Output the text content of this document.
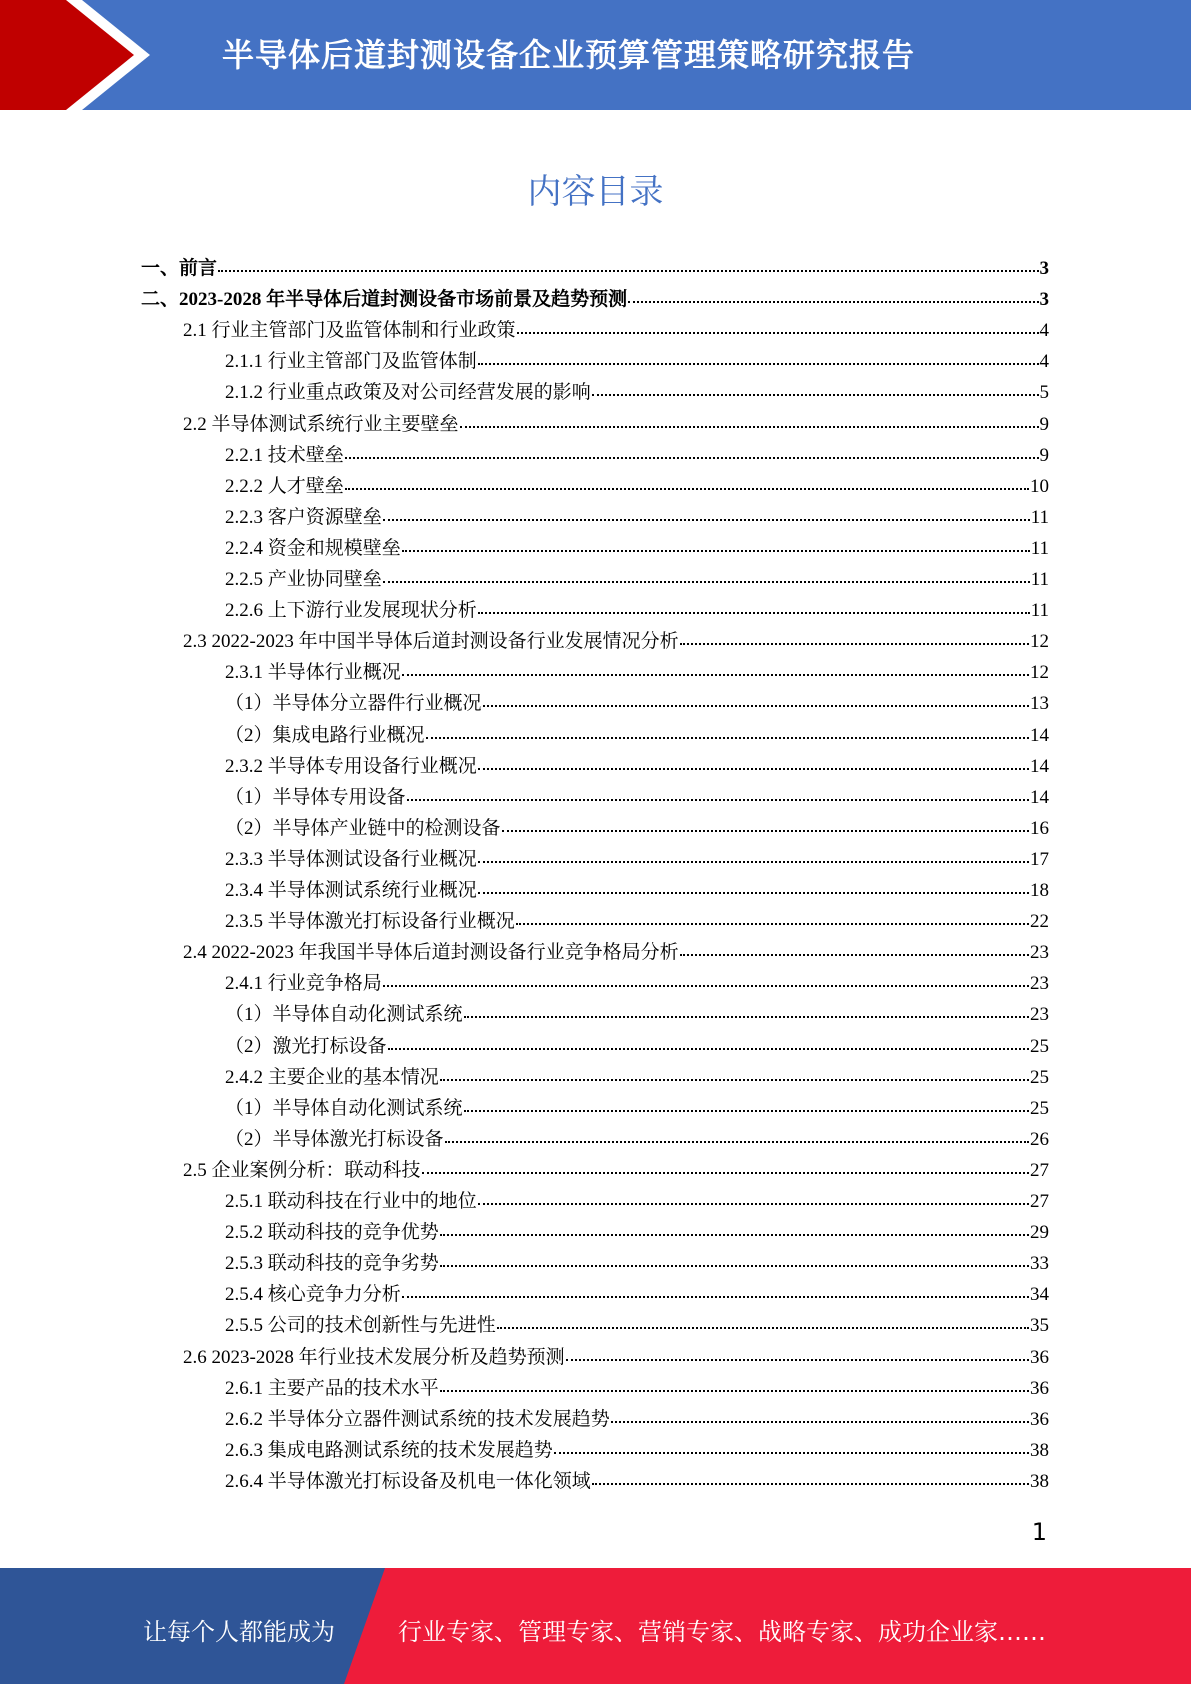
半导体后道封测设备企业预算管理策略研究报告
内容目录
一、前言	3
二、2023-2028 年半导体后道封测设备市场前景及趋势预测	3
2.1 行业主管部门及监管体制和行业政策	4
2.1.1 行业主管部门及监管体制	4
2.1.2 行业重点政策及对公司经营发展的影响	5
2.2 半导体测试系统行业主要壁垒	9
2.2.1 技术壁垒	9
2.2.2 人才壁垒	10
2.2.3 客户资源壁垒	11
2.2.4 资金和规模壁垒	11
2.2.5 产业协同壁垒	11
2.2.6 上下游行业发展现状分析	11
2.3 2022-2023 年中国半导体后道封测设备行业发展情况分析	12
2.3.1 半导体行业概况	12
（1）半导体分立器件行业概况	13
（2）集成电路行业概况	14
2.3.2 半导体专用设备行业概况	14
（1）半导体专用设备	14
（2）半导体产业链中的检测设备	16
2.3.3 半导体测试设备行业概况	17
2.3.4 半导体测试系统行业概况	18
2.3.5 半导体激光打标设备行业概况	22
2.4 2022-2023 年我国半导体后道封测设备行业竞争格局分析	23
2.4.1 行业竞争格局	23
（1）半导体自动化测试系统	23
（2）激光打标设备	25
2.4.2 主要企业的基本情况	25
（1）半导体自动化测试系统	25
（2）半导体激光打标设备	26
2.5 企业案例分析：联动科技	27
2.5.1 联动科技在行业中的地位	27
2.5.2 联动科技的竞争优势	29
2.5.3 联动科技的竞争劣势	33
2.5.4 核心竞争力分析	34
2.5.5 公司的技术创新性与先进性	35
2.6 2023-2028 年行业技术发展分析及趋势预测	36
2.6.1 主要产品的技术水平	36
2.6.2 半导体分立器件测试系统的技术发展趋势	36
2.6.3 集成电路测试系统的技术发展趋势	38
2.6.4 半导体激光打标设备及机电一体化领域	38
1
让每个人都能成为	行业专家、管理专家、营销专家、战略专家、成功企业家……
